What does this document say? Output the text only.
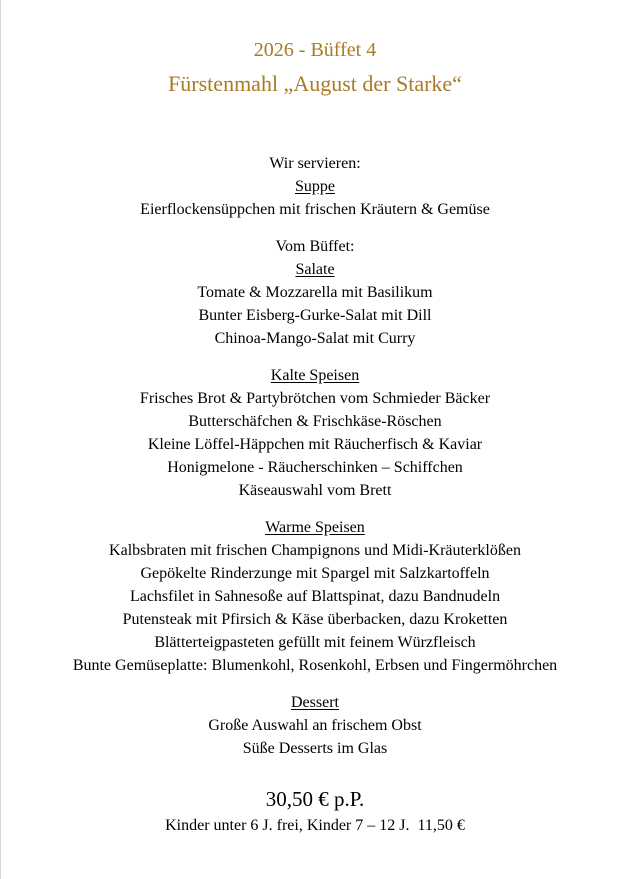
2026 - Büffet 4
Fürstenmahl „August der Starke“
Wir servieren:
Suppe
Eierflockensüppchen mit frischen Kräutern & Gemüse
Vom Büffet:
Salate
Tomate & Mozzarella mit Basilikum
Bunter Eisberg-Gurke-Salat mit Dill
Chinoa-Mango-Salat mit Curry
Kalte Speisen
Frisches Brot & Partybrötchen vom Schmieder Bäcker
Butterschäfchen & Frischkäse-Röschen
Kleine Löffel-Häppchen mit Räucherfisch & Kaviar
Honigmelone - Räucherschinken – Schiffchen
Käseauswahl vom Brett
Warme Speisen
Kalbsbraten mit frischen Champignons und Midi-Kräuterklößen
Gepökelte Rinderzunge mit Spargel mit Salzkartoffeln
Lachsfilet in Sahnesoße auf Blattspinat, dazu Bandnudeln
Putensteak mit Pfirsich & Käse überbacken, dazu Kroketten
Blätterteigpasteten gefüllt mit feinem Würzfleisch
Bunte Gemüseplatte: Blumenkohl, Rosenkohl, Erbsen und Fingermöhrchen
Dessert
Große Auswahl an frischem Obst
Süße Desserts im Glas
30,50 € p.P.
Kinder unter 6 J. frei, Kinder 7 – 12 J.  11,50 €
